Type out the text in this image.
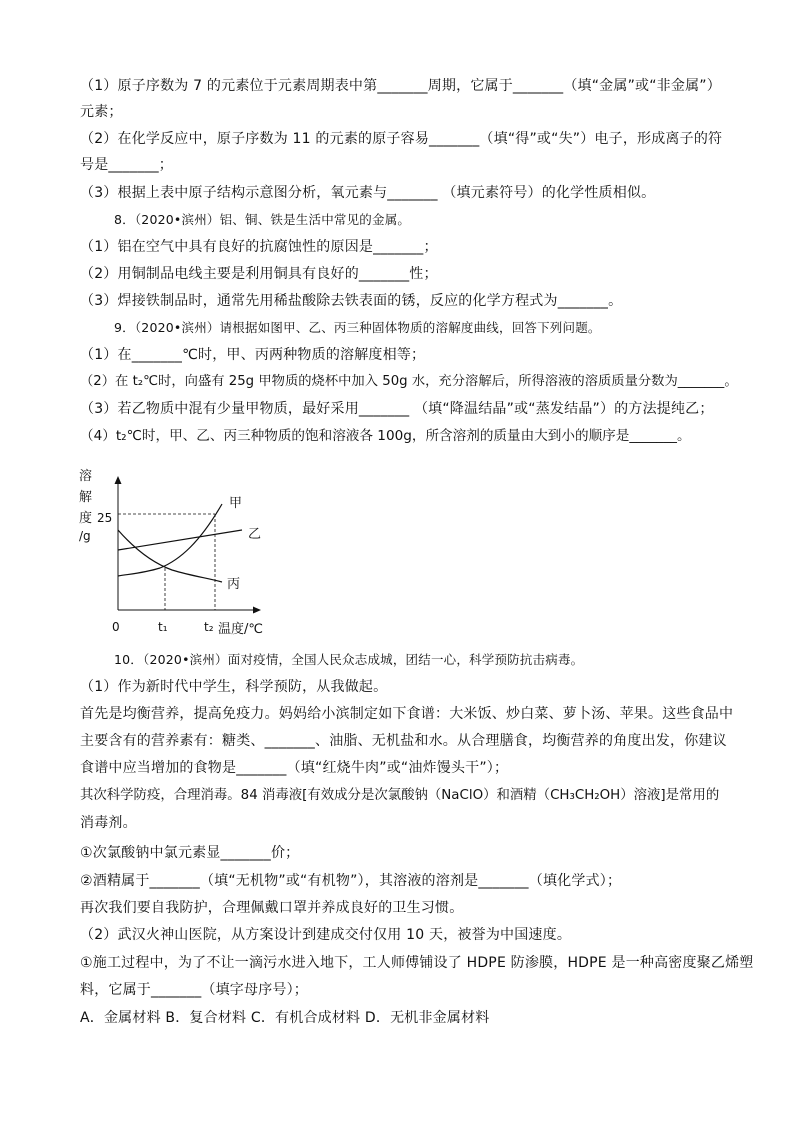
（1）原子序数为 7 的元素位于元素周期表中第_______周期，它属于_______（填“金属”或“非金属”）
元素；
（2）在化学反应中，原子序数为 11 的元素的原子容易_______（填“得”或“失”）电子，形成离子的符
号是_______；
（3）根据上表中原子结构示意图分析，氧元素与_______ （填元素符号）的化学性质相似。
8．（2020•滨州）铝、铜、铁是生活中常见的金属。
（1）铝在空气中具有良好的抗腐蚀性的原因是_______；
（2）用铜制品电线主要是利用铜具有良好的_______性；
（3）焊接铁制品时，通常先用稀盐酸除去铁表面的锈，反应的化学方程式为_______。
9．（2020•滨州）请根据如图甲、乙、丙三种固体物质的溶解度曲线，回答下列问题。
（1）在_______℃时，甲、丙两种物质的溶解度相等；
（2）在 t₂℃时，向盛有 25g 甲物质的烧杯中加入 50g 水，充分溶解后，所得溶液的溶质质量分数为_______。
（3）若乙物质中混有少量甲物质，最好采用_______ （填“降温结晶”或“蒸发结晶”）的方法提纯乙；
（4）t₂℃时，甲、乙、丙三种物质的饱和溶液各 100g，所含溶剂的质量由大到小的顺序是_______。
溶
解
度 25
/g
甲
乙
丙
0	t₁	t₂ 温度/℃
10．（2020•滨州）面对疫情，全国人民众志成城，团结一心，科学预防抗击病毒。
（1）作为新时代中学生，科学预防，从我做起。
首先是均衡营养，提高免疫力。妈妈给小滨制定如下食谱：大米饭、炒白菜、萝卜汤、苹果。这些食品中
主要含有的营养素有：糖类、_______、油脂、无机盐和水。从合理膳食，均衡营养的角度出发，你建议
食谱中应当增加的食物是_______（填“红烧牛肉”或“油炸馒头干”）；
其次科学防疫，合理消毒。84 消毒液[有效成分是次氯酸钠（NaClO）和酒精（CH₃CH₂OH）溶液]是常用的
消毒剂。
①次氯酸钠中氯元素显_______价；
②酒精属于_______（填“无机物”或“有机物”），其溶液的溶剂是_______（填化学式）；
再次我们要自我防护，合理佩戴口罩并养成良好的卫生习惯。
（2）武汉火神山医院，从方案设计到建成交付仅用 10 天，被誉为中国速度。
①施工过程中，为了不让一滴污水进入地下，工人师傅铺设了 HDPE 防渗膜，HDPE 是一种高密度聚乙烯塑
料，它属于_______（填字母序号）；
A．金属材料 B．复合材料 C．有机合成材料 D．无机非金属材料
